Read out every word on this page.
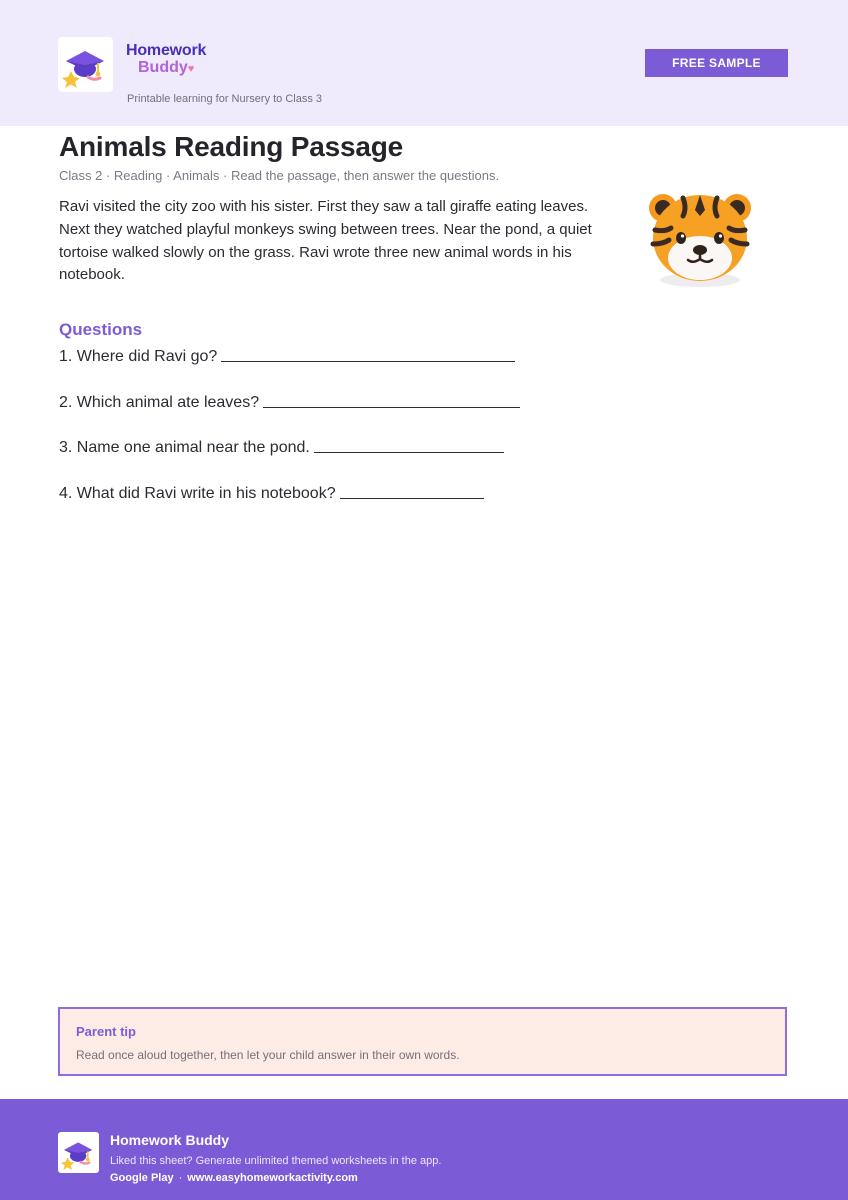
Homework
Buddy♥
Printable learning for Nursery to Class 3
FREE SAMPLE
Animals Reading Passage
Class 2 · Reading · Animals · Read the passage, then answer the questions.
Ravi visited the city zoo with his sister. First they saw a tall giraffe eating leaves. Next they watched playful monkeys swing between trees. Near the pond, a quiet tortoise walked slowly on the grass. Ravi wrote three new animal words in his notebook.
Questions
1. Where did Ravi go?
2. Which animal ate leaves?
3. Name one animal near the pond.
4. What did Ravi write in his notebook?
Parent tip
Read once aloud together, then let your child answer in their own words.
Homework Buddy
Liked this sheet? Generate unlimited themed worksheets in the app.
Google Play · www.easyhomeworkactivity.com
